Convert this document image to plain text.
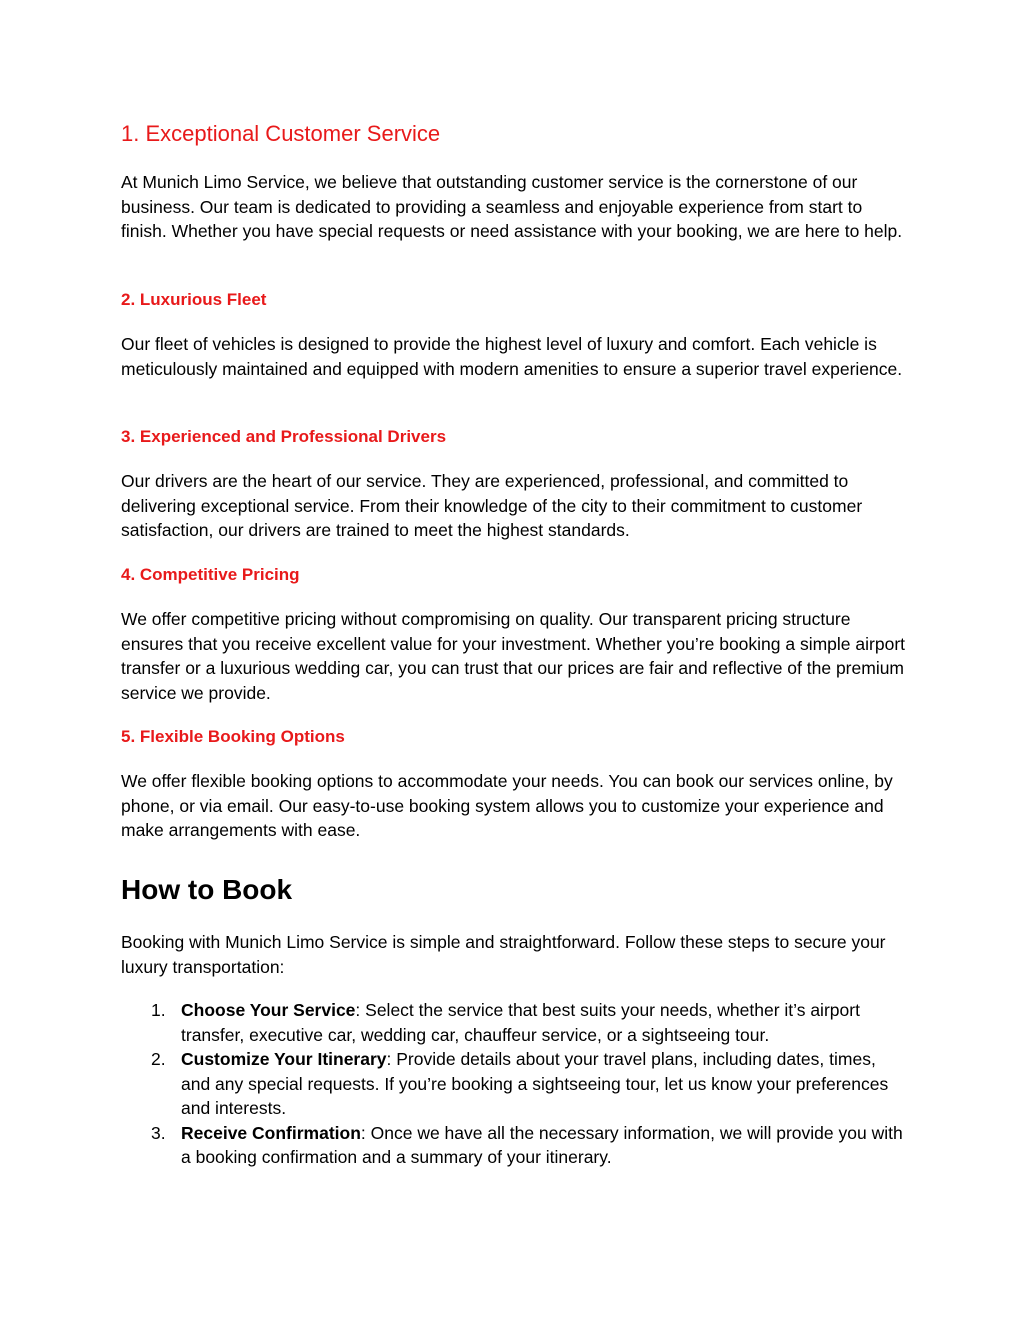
1. Exceptional Customer Service

At Munich Limo Service, we believe that outstanding customer service is the cornerstone of our business. Our team is dedicated to providing a seamless and enjoyable experience from start to finish. Whether you have special requests or need assistance with your booking, we are here to help.

2. Luxurious Fleet

Our fleet of vehicles is designed to provide the highest level of luxury and comfort. Each vehicle is meticulously maintained and equipped with modern amenities to ensure a superior travel experience.

3. Experienced and Professional Drivers

Our drivers are the heart of our service. They are experienced, professional, and committed to delivering exceptional service. From their knowledge of the city to their commitment to customer satisfaction, our drivers are trained to meet the highest standards.

4. Competitive Pricing

We offer competitive pricing without compromising on quality. Our transparent pricing structure ensures that you receive excellent value for your investment. Whether you’re booking a simple airport transfer or a luxurious wedding car, you can trust that our prices are fair and reflective of the premium service we provide.

5. Flexible Booking Options

We offer flexible booking options to accommodate your needs. You can book our services online, by phone, or via email. Our easy-to-use booking system allows you to customize your experience and make arrangements with ease.

How to Book

Booking with Munich Limo Service is simple and straightforward. Follow these steps to secure your luxury transportation:

1. Choose Your Service: Select the service that best suits your needs, whether it’s airport transfer, executive car, wedding car, chauffeur service, or a sightseeing tour.
2. Customize Your Itinerary: Provide details about your travel plans, including dates, times, and any special requests. If you’re booking a sightseeing tour, let us know your preferences and interests.
3. Receive Confirmation: Once we have all the necessary information, we will provide you with a booking confirmation and a summary of your itinerary.
